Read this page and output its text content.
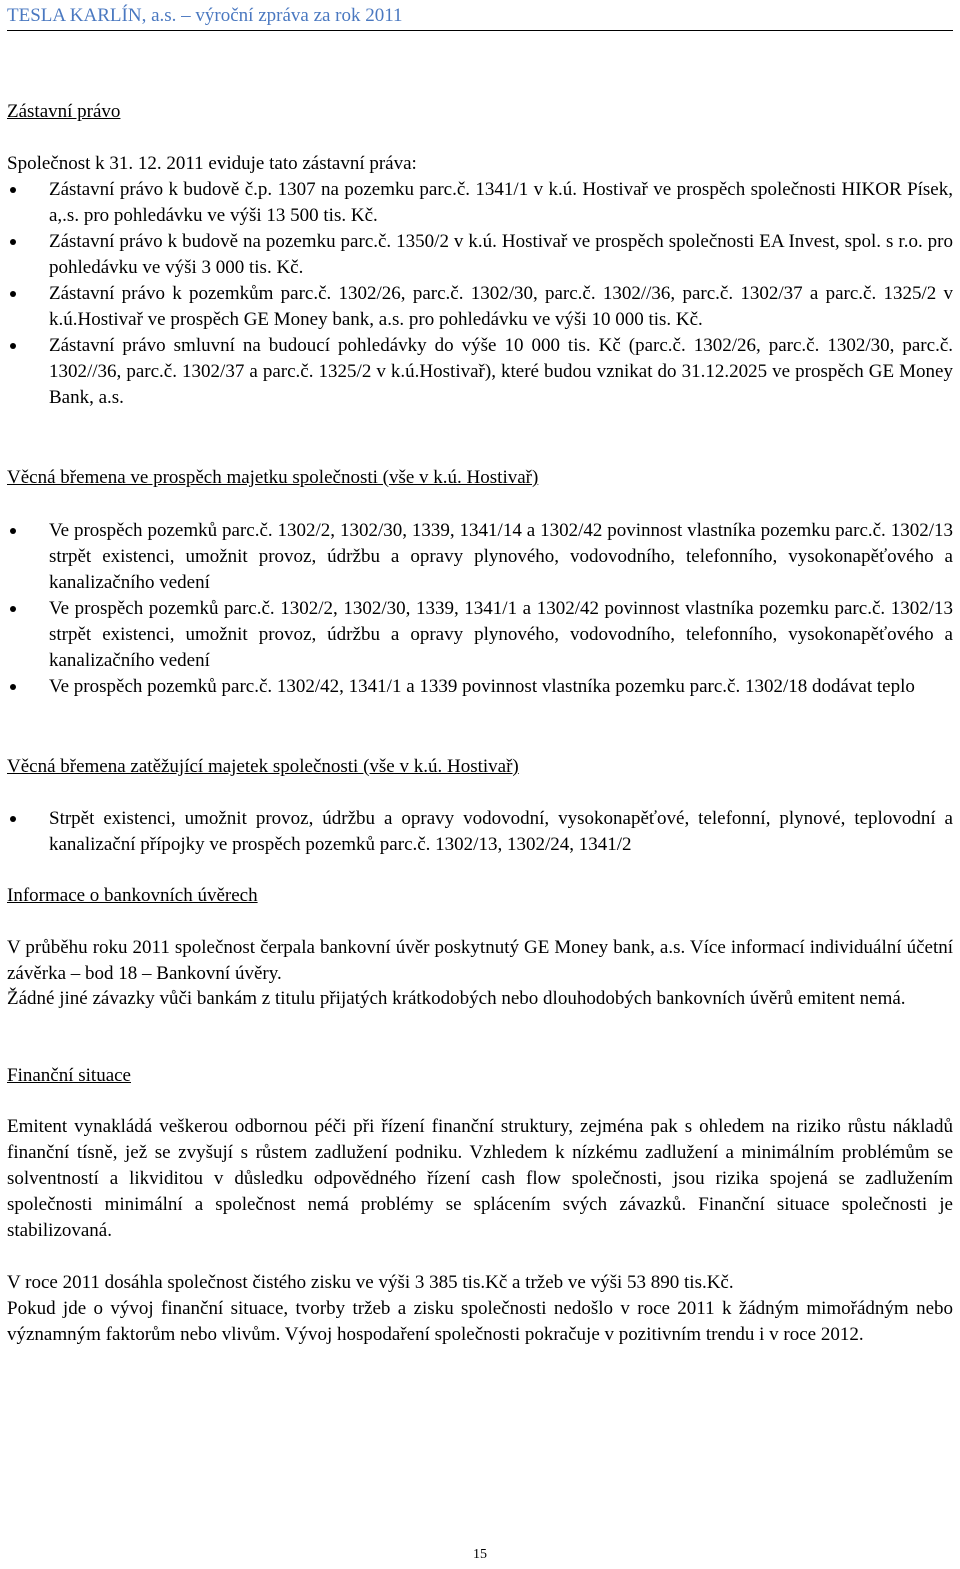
TESLA KARLÍN, a.s. – výroční zpráva za rok 2011
Zástavní právo
Společnost k 31. 12. 2011 eviduje tato zástavní práva:
Zástavní právo k budově č.p. 1307 na pozemku parc.č. 1341/1 v k.ú. Hostivař ve prospěch společnosti HIKOR Písek, a,.s. pro pohledávku ve výši 13 500 tis. Kč.
Zástavní právo k budově na pozemku parc.č. 1350/2 v k.ú. Hostivař ve prospěch společnosti EA Invest, spol. s r.o. pro pohledávku ve výši 3 000 tis. Kč.
Zástavní právo k pozemkům parc.č. 1302/26, parc.č. 1302/30, parc.č. 1302//36, parc.č. 1302/37 a parc.č. 1325/2 v k.ú.Hostivař ve prospěch GE Money bank, a.s. pro pohledávku ve výši 10 000 tis. Kč.
Zástavní právo smluvní na budoucí pohledávky do výše 10 000 tis. Kč (parc.č. 1302/26, parc.č. 1302/30, parc.č. 1302//36, parc.č. 1302/37 a parc.č. 1325/2 v k.ú.Hostivař), které budou vznikat do 31.12.2025 ve prospěch GE Money Bank, a.s.
Věcná břemena ve prospěch majetku společnosti (vše v k.ú. Hostivař)
Ve prospěch pozemků parc.č. 1302/2, 1302/30, 1339, 1341/14 a 1302/42 povinnost vlastníka pozemku parc.č. 1302/13 strpět existenci, umožnit provoz, údržbu a opravy plynového, vodovodního, telefonního, vysokonapěťového a kanalizačního vedení
Ve prospěch pozemků parc.č. 1302/2, 1302/30, 1339, 1341/1 a 1302/42 povinnost vlastníka pozemku parc.č. 1302/13 strpět existenci, umožnit provoz, údržbu a opravy plynového, vodovodního, telefonního, vysokonapěťového a kanalizačního vedení
Ve prospěch pozemků parc.č. 1302/42, 1341/1 a 1339 povinnost vlastníka pozemku parc.č. 1302/18 dodávat teplo
Věcná břemena zatěžující majetek společnosti (vše v k.ú. Hostivař)
Strpět existenci, umožnit provoz, údržbu a opravy vodovodní, vysokonapěťové, telefonní, plynové, teplovodní a kanalizační přípojky ve prospěch pozemků parc.č. 1302/13, 1302/24, 1341/2
Informace o bankovních úvěrech
V průběhu roku 2011 společnost čerpala bankovní úvěr poskytnutý GE Money bank, a.s. Více informací individuální účetní závěrka – bod 18 – Bankovní úvěry.
Žádné jiné závazky vůči bankám z titulu přijatých krátkodobých nebo dlouhodobých bankovních úvěrů emitent nemá.
Finanční situace
Emitent vynakládá veškerou odbornou péči při řízení finanční struktury, zejména pak s ohledem na riziko růstu nákladů finanční tísně, jež se zvyšují s růstem zadlužení podniku. Vzhledem k nízkému zadlužení a minimálním problémům se solventností a likviditou v důsledku odpovědného řízení cash flow společnosti, jsou rizika spojená se zadlužením společnosti minimální a společnost nemá problémy se splácením svých závazků. Finanční situace společnosti je stabilizovaná.
V roce 2011 dosáhla společnost čistého zisku ve výši 3 385 tis.Kč a tržeb ve výši 53 890 tis.Kč.
Pokud jde o vývoj finanční situace, tvorby tržeb a zisku společnosti nedošlo v roce 2011 k žádným mimořádným nebo významným faktorům nebo vlivům. Vývoj hospodaření společnosti pokračuje v pozitivním trendu i v roce 2012.
15
